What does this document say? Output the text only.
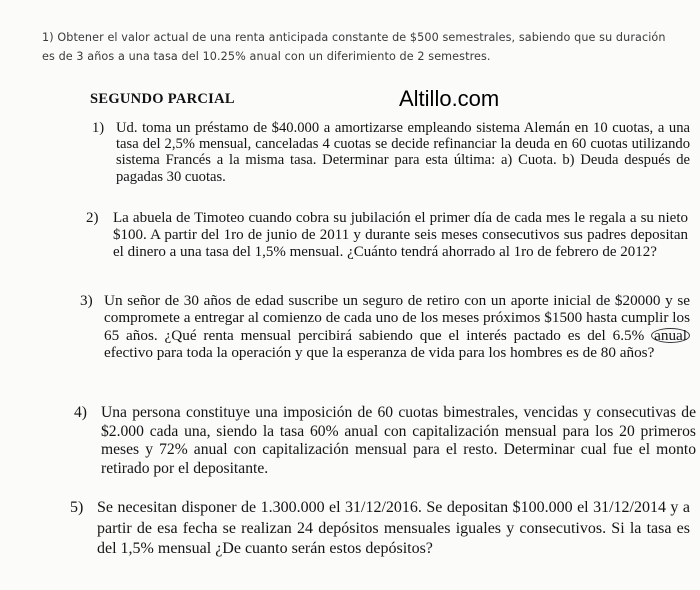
1) Obtener el valor actual de una renta anticipada constante de $500 semestrales, sabiendo que su duración es de 3 años a una tasa del 10.25% anual con un diferimiento de 2 semestres.
SEGUNDO PARCIAL	Altillo.com
1) Ud. toma un préstamo de $40.000 a amortizarse empleando sistema Alemán en 10 cuotas, a una tasa del 2,5% mensual, canceladas 4 cuotas se decide refinanciar la deuda en 60 cuotas utilizando sistema Francés a la misma tasa. Determinar para esta última: a) Cuota. b) Deuda después de pagadas 30 cuotas.
2) La abuela de Timoteo cuando cobra su jubilación el primer día de cada mes le regala a su nieto $100. A partir del 1ro de junio de 2011 y durante seis meses consecutivos sus padres depositan el dinero a una tasa del 1,5% mensual. ¿Cuánto tendrá ahorrado al 1ro de febrero de 2012?
3) Un señor de 30 años de edad suscribe un seguro de retiro con un aporte inicial de $20000 y se compromete a entregar al comienzo de cada uno de los meses próximos $1500 hasta cumplir los 65 años. ¿Qué renta mensual percibirá sabiendo que el interés pactado es del 6.5% anual efectivo para toda la operación y que la esperanza de vida para los hombres es de 80 años?
4) Una persona constituye una imposición de 60 cuotas bimestrales, vencidas y consecutivas de $2.000 cada una, siendo la tasa 60% anual con capitalización mensual para los 20 primeros meses y 72% anual con capitalización mensual para el resto. Determinar cual fue el monto retirado por el depositante.
5) Se necesitan disponer de 1.300.000 el 31/12/2016. Se depositan $100.000 el 31/12/2014 y a partir de esa fecha se realizan 24 depósitos mensuales iguales y consecutivos. Si la tasa es del 1,5% mensual ¿De cuanto serán estos depósitos?
